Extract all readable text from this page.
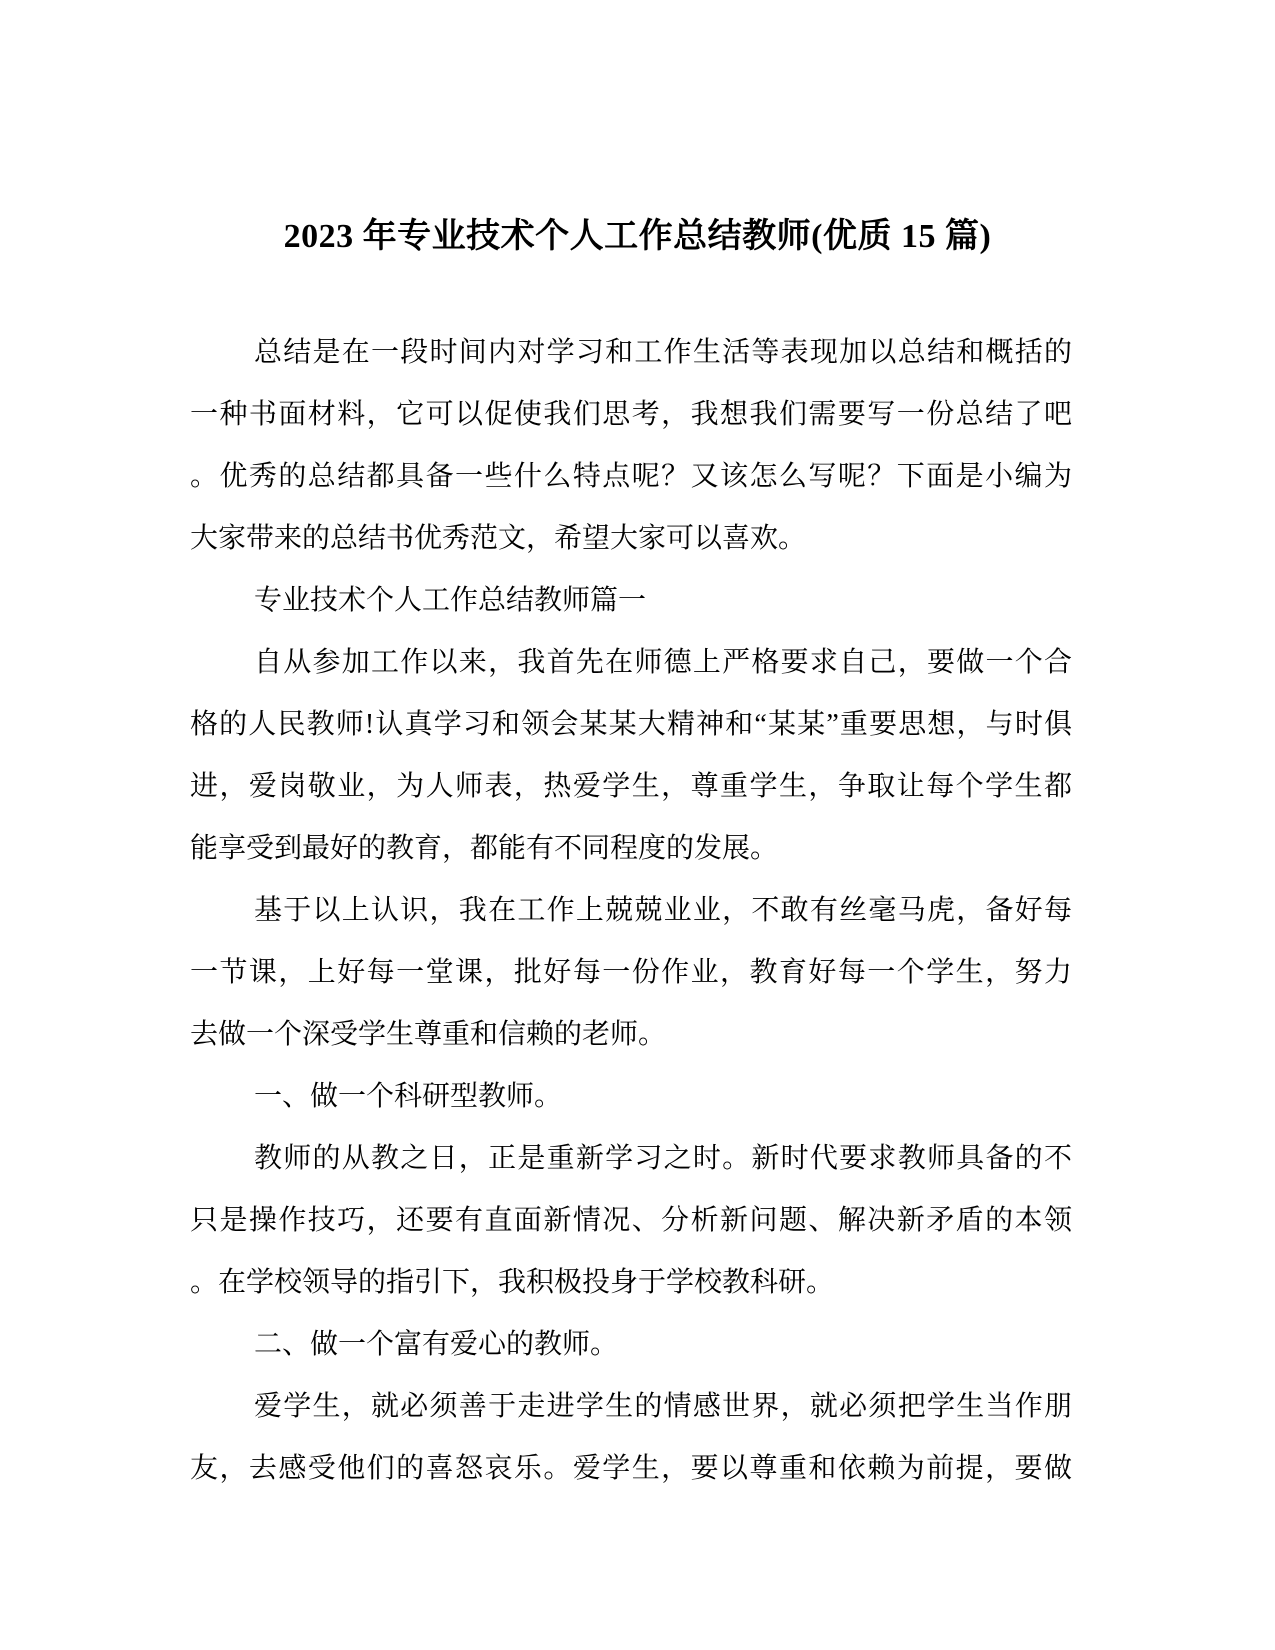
2023 年专业技术个人工作总结教师(优质 15 篇)
总结是在一段时间内对学习和工作生活等表现加以总结和概括的
一种书面材料，它可以促使我们思考，我想我们需要写一份总结了吧
。优秀的总结都具备一些什么特点呢？又该怎么写呢？下面是小编为
大家带来的总结书优秀范文，希望大家可以喜欢。
专业技术个人工作总结教师篇一
自从参加工作以来，我首先在师德上严格要求自己，要做一个合
格的人民教师!认真学习和领会某某大精神和“某某”重要思想，与时俱
进，爱岗敬业，为人师表，热爱学生，尊重学生，争取让每个学生都
能享受到最好的教育，都能有不同程度的发展。
基于以上认识，我在工作上兢兢业业，不敢有丝毫马虎，备好每
一节课，上好每一堂课，批好每一份作业，教育好每一个学生，努力
去做一个深受学生尊重和信赖的老师。
一、做一个科研型教师。
教师的从教之日，正是重新学习之时。新时代要求教师具备的不
只是操作技巧，还要有直面新情况、分析新问题、解决新矛盾的本领
。在学校领导的指引下，我积极投身于学校教科研。
二、做一个富有爱心的教师。
爱学生，就必须善于走进学生的情感世界，就必须把学生当作朋
友，去感受他们的喜怒哀乐。爱学生，要以尊重和依赖为前提，要做
